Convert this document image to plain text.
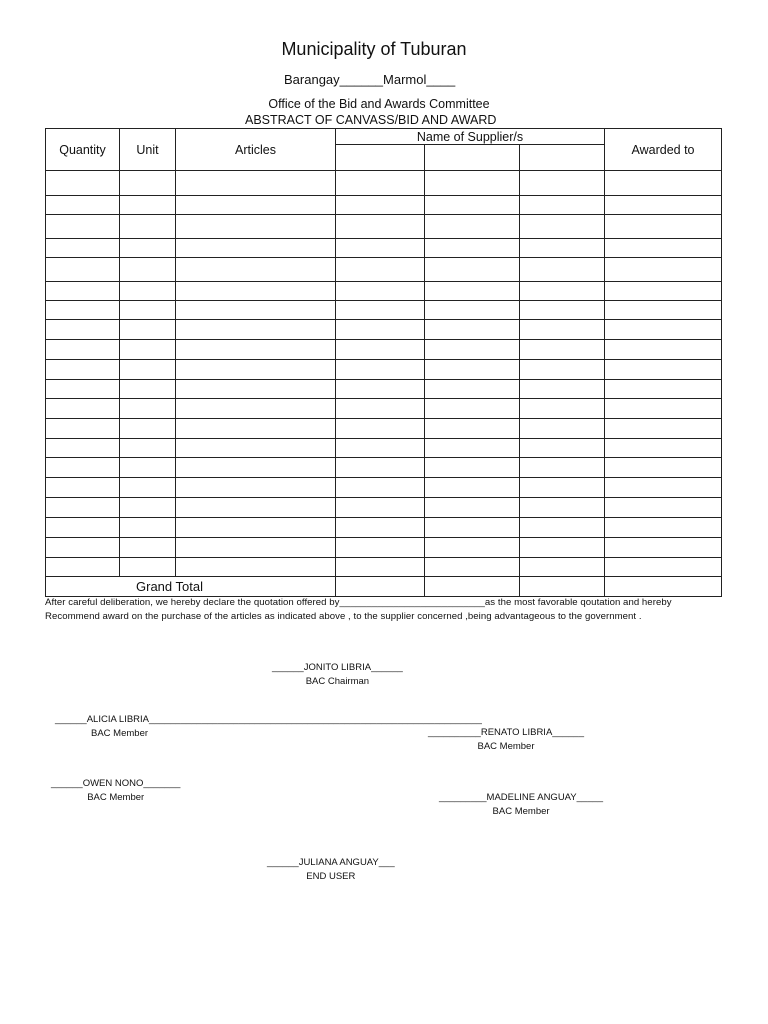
Municipality of Tuburan
Barangay______Marmol____
Office of the Bid and Awards Committee
ABSTRACT OF CANVASS/BID AND AWARD
Quantity	Unit	Articles	Name of Supplier/s			Awarded to

Grand Total						
After careful deliberation, we hereby declare the quotation offered by___________________________as the most favorable qoutation and hereby
Recommend award on the purchase of the articles as indicated above , to the supplier concerned ,being advantageous to the government .
______JONITO LIBRIA______
BAC Chairman
______ALICIA LIBRIA_______________________________________________________________
BAC Member	__________RENATO LIBRIA______
BAC Member
______OWEN NONO_______
BAC Member	_________MADELINE ANGUAY_____
BAC Member
______JULIANA ANGUAY___
END USER
